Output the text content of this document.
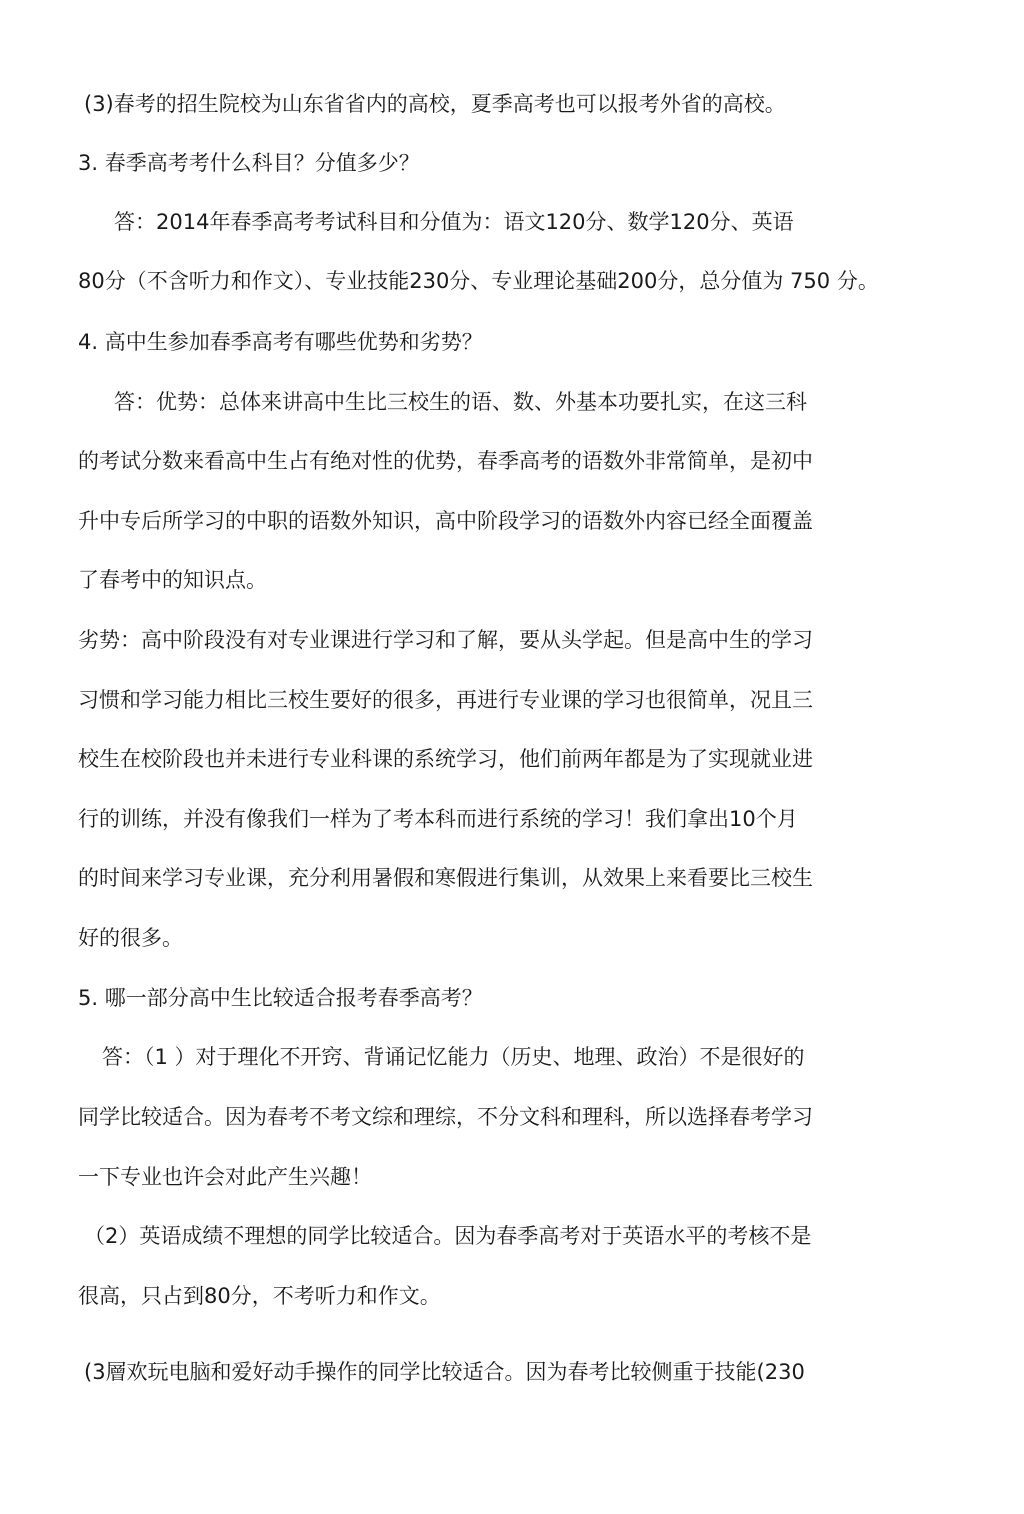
(3)春考的招生院校为山东省省内的高校，夏季高考也可以报考外省的高校。
3. 春季高考考什么科目？分值多少？
答：2014年春季高考考试科目和分值为：语文120分、数学120分、英语
80分（不含听力和作文）、专业技能230分、专业理论基础200分，总分值为 750 分。
4. 高中生参加春季高考有哪些优势和劣势？
答：优势：总体来讲高中生比三校生的语、数、外基本功要扎实，在这三科
的考试分数来看高中生占有绝对性的优势，春季高考的语数外非常简单，是初中
升中专后所学习的中职的语数外知识，高中阶段学习的语数外内容已经全面覆盖
了春考中的知识点。
劣势：高中阶段没有对专业课进行学习和了解，要从头学起。但是高中生的学习
习惯和学习能力相比三校生要好的很多，再进行专业课的学习也很简单，况且三
校生在校阶段也并未进行专业科课的系统学习，他们前两年都是为了实现就业进
行的训练，并没有像我们一样为了考本科而进行系统的学习！我们拿出10个月
的时间来学习专业课，充分利用暑假和寒假进行集训，从效果上来看要比三校生
好的很多。
5. 哪一部分高中生比较适合报考春季高考？
答：（1 ）对于理化不开窍、背诵记忆能力（历史、地理、政治）不是很好的
同学比较适合。因为春考不考文综和理综，不分文科和理科，所以选择春考学习
一下专业也许会对此产生兴趣！
（2）英语成绩不理想的同学比较适合。因为春季高考对于英语水平的考核不是
很高，只占到80分，不考听力和作文。
(3層欢玩电脑和爱好动手操作的同学比较适合。因为春考比较侧重于技能(230
